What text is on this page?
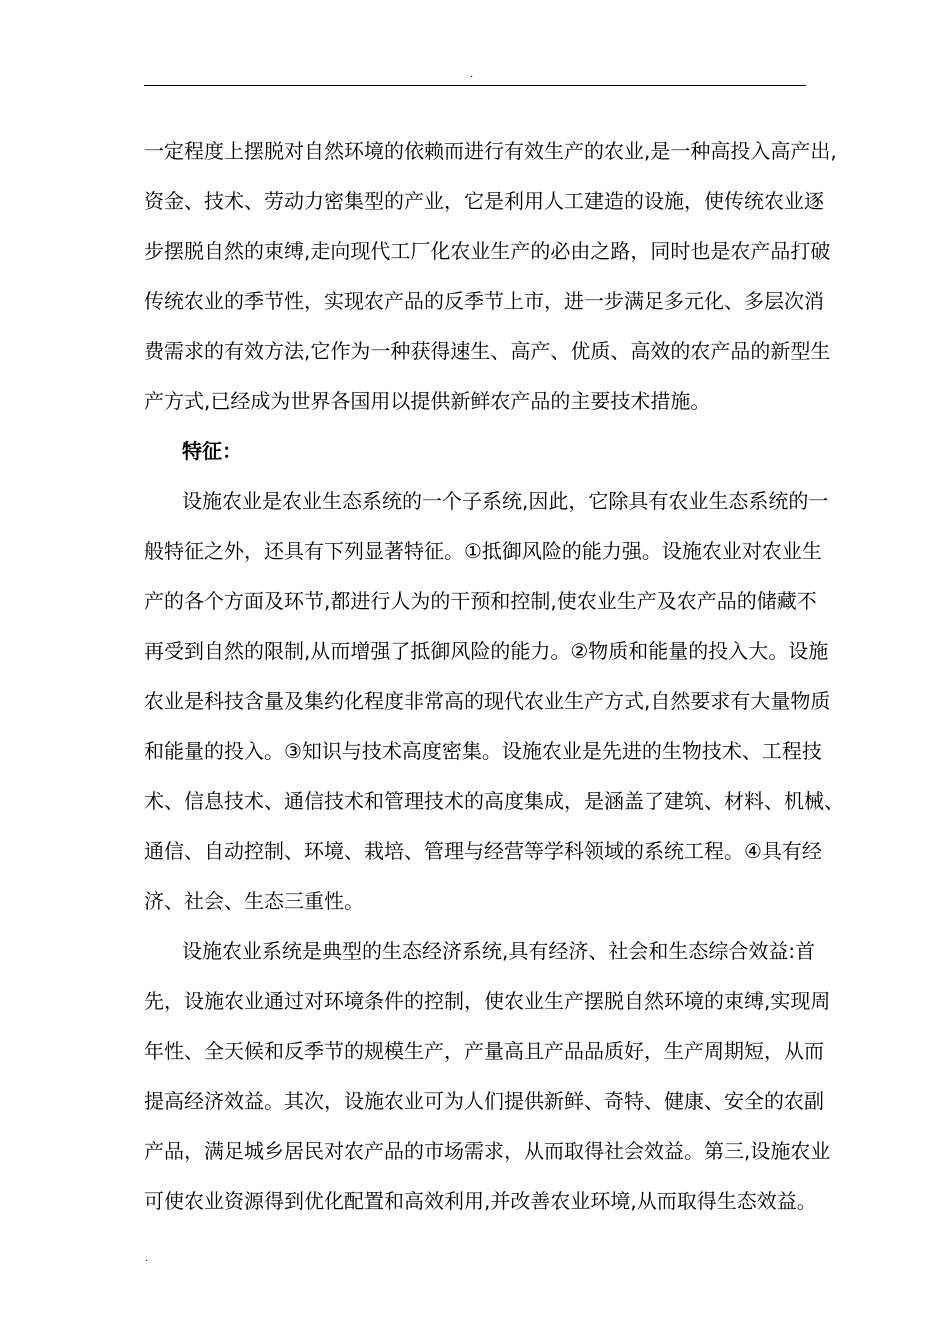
.
一定程度上摆脱对自然环境的依赖而进行有效生产的农业,是一种高投入高产出,
资金、技术、劳动力密集型的产业，它是利用人工建造的设施，使传统农业逐
步摆脱自然的束缚,走向现代工厂化农业生产的必由之路，同时也是农产品打破
传统农业的季节性，实现农产品的反季节上市，进一步满足多元化、多层次消
费需求的有效方法,它作为一种获得速生、高产、优质、高效的农产品的新型生
产方式,已经成为世界各国用以提供新鲜农产品的主要技术措施。
特征：
设施农业是农业生态系统的一个子系统,因此，它除具有农业生态系统的一
般特征之外，还具有下列显著特征。①抵御风险的能力强。设施农业对农业生
产的各个方面及环节,都进行人为的干预和控制,使农业生产及农产品的储藏不
再受到自然的限制,从而增强了抵御风险的能力。②物质和能量的投入大。设施
农业是科技含量及集约化程度非常高的现代农业生产方式,自然要求有大量物质
和能量的投入。③知识与技术高度密集。设施农业是先进的生物技术、工程技
术、信息技术、通信技术和管理技术的高度集成，是涵盖了建筑、材料、机械、
通信、自动控制、环境、栽培、管理与经营等学科领域的系统工程。④具有经
济、社会、生态三重性。
设施农业系统是典型的生态经济系统,具有经济、社会和生态综合效益:首
先，设施农业通过对环境条件的控制，使农业生产摆脱自然环境的束缚,实现周
年性、全天候和反季节的规模生产，产量高且产品品质好，生产周期短，从而
提高经济效益。其次，设施农业可为人们提供新鲜、奇特、健康、安全的农副
产品，满足城乡居民对农产品的市场需求，从而取得社会效益。第三,设施农业
可使农业资源得到优化配置和高效利用,并改善农业环境,从而取得生态效益。
.
